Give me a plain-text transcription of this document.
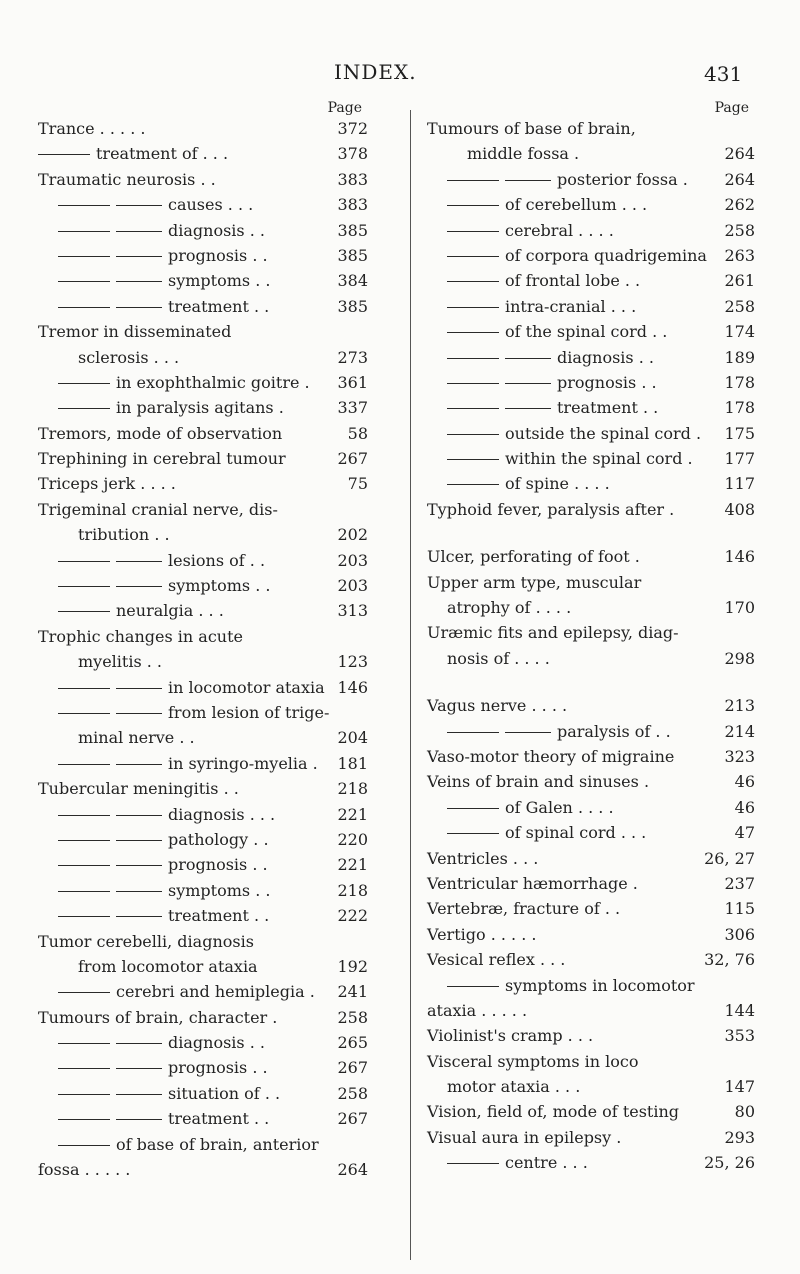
INDEX.	431
Page
Trance . . . . .	372
treatment of . . .	378
Traumatic neurosis . .	383
causes . . .	383
diagnosis . .	385
prognosis . .	385
symptoms . .	384
treatment . .	385
Tremor in disseminated
sclerosis . . .	273
in exophthalmic goitre . 361
in paralysis agitans .	337
Tremors, mode of observation	58
Trephining in cerebral tumour	267
Triceps jerk . . . .	75
Trigeminal cranial nerve, dis-
tribution . .	202
lesions of . .	203
symptoms . .	203
neuralgia . . .	313
Trophic changes in acute
myelitis . .	123
in locomotor ataxia 146
from lesion of trige-
minal nerve . .	204
in syringo-myelia . 181
Tubercular meningitis . .	218
diagnosis . . .	221
pathology . .	220
prognosis . .	221
symptoms . .	218
treatment . .	222
Tumor cerebelli, diagnosis
from locomotor ataxia	192
cerebri and hemiplegia . 241
Tumours of brain, character .	258
diagnosis . .	265
prognosis . .	267
situation of . .	258
treatment . .	267
of base of brain, anterior
fossa . . . . .	264
Page
Tumours of base of brain,
middle fossa .	264
posterior fossa . 264
of cerebellum . . .	262
cerebral . . . .	258
of corpora quadrigemina 263
of frontal lobe . .	261
intra-cranial . . .	258
of the spinal cord . .	174
diagnosis . .	189
prognosis . .	178
treatment . .	178
outside the spinal cord . 175
within the spinal cord . 177
of spine . . . .	117
Typhoid fever, paralysis after .	408
Ulcer, perforating of foot .	146
Upper arm type, muscular
atrophy of . . . .	170
Uræmic fits and epilepsy, diag-
nosis of . . . .	298
Vagus nerve . . . .	213
paralysis of . .	214
Vaso-motor theory of migraine	323
Veins of brain and sinuses .	46
of Galen . . . .	46
of spinal cord . . .	47
Ventricles . . .	26, 27
Ventricular hæmorrhage .	237
Vertebræ, fracture of . .	115
Vertigo . . . . .	306
Vesical reflex . . .	32, 76
symptoms in locomotor
ataxia . . . . .	144
Violinist's cramp . . .	353
Visceral symptoms in loco
motor ataxia . . .	147
Vision, field of, mode of testing	80
Visual aura in epilepsy .	293
centre . . .	25, 26
